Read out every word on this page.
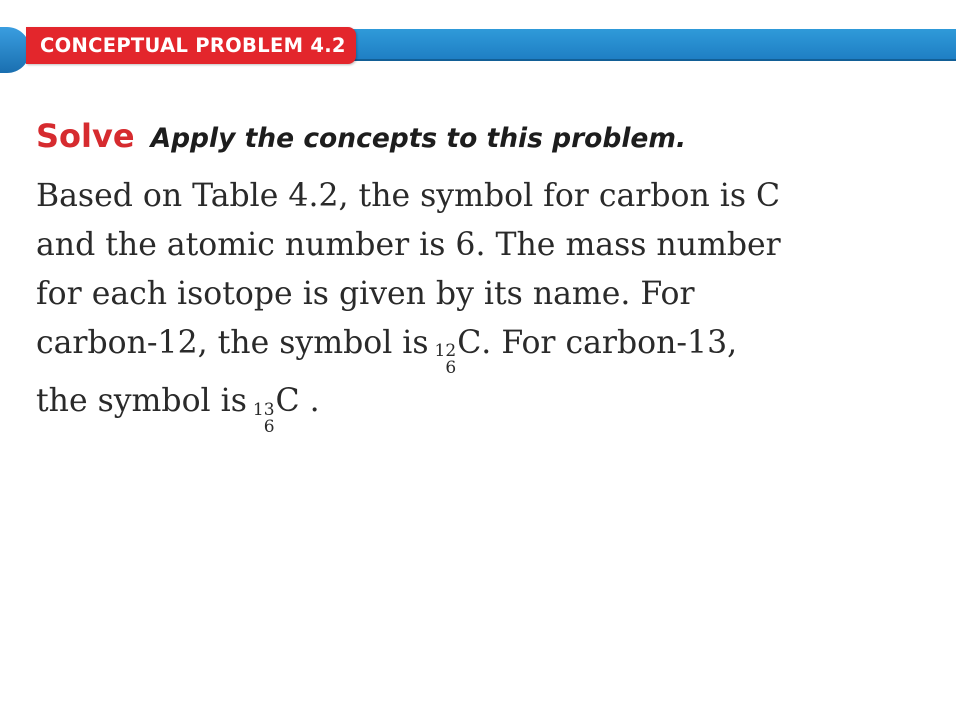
CONCEPTUAL PROBLEM 4.2
Solve Apply the concepts to this problem.
Based on Table 4.2, the symbol for carbon is C
and the atomic number is 6. The mass number
for each isotope is given by its name. For
carbon-12, the symbol is 12
6
C. For carbon-13,
the symbol is 13
6
C .
